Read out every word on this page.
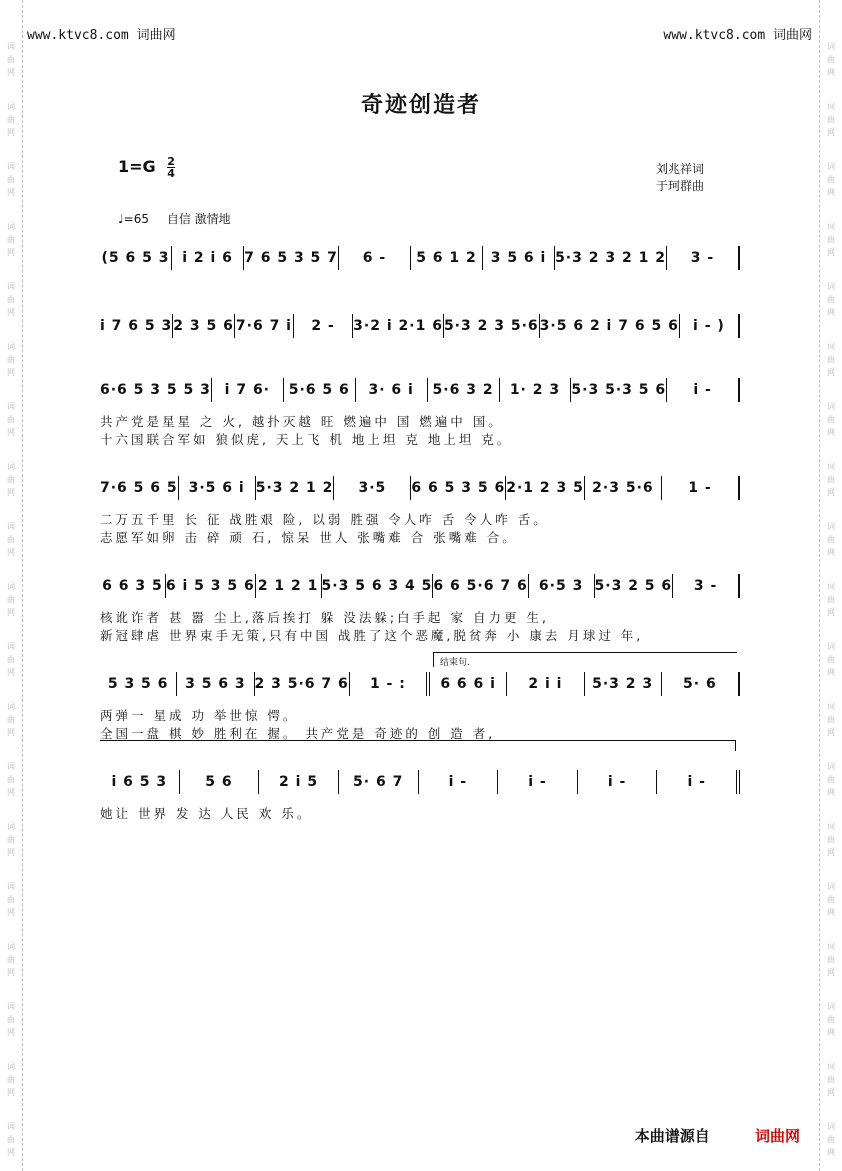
词
曲
网
词
曲
网
词
曲
网
词
曲
网
词
曲
网
词
曲
网
词
曲
网
词
曲
网
词
曲
网
词
曲
网
词
曲
网
词
曲
网
词
曲
网
词
曲
网
词
曲
网
词
曲
网
词
曲
网
词
曲
网
词
曲
网
词
曲
网
词
曲
网
词
曲
网
词
曲
网
词
曲
网
词
曲
网
词
曲
网
词
曲
网
词
曲
网
词
曲
网
词
曲
网
词
曲
网
词
曲
网
词
曲
网
词
曲
网
词
曲
网
词
曲
网
词
曲
网
词
曲
网
www.ktvc8.com 词曲网	www.ktvc8.com 词曲网
奇迹创造者
$1=G \frac{2}{4}$	刘兆祥词
于珂群曲
♩=65 自信 激情地
结束句.
(5 6 5 3 i 2 i 6 7 6 5 3 5 7	6 -	5 6 1 2 3 5 6 i 5·3 2 3 2 1 2	3 -
i 7 6 5 3 2 3 5 6 7·6 7 i	2 -	3·2 i 2·1 6 5·3 2 3 5·6 3·5 6 2 i 7 6 5 6	i - )
6·6 5 3 5 5 3 i 7 6·	5·6 5 6	3· 6 i	5·6 3 2	1· 2 3 5·3 5·3 5 6	i -
共产党是星星 之 火, 越扑灭越 旺 燃遍中 国 燃遍中 国。
十六国联合军如 狼似虎, 天上飞 机 地上坦 克 地上坦 克。
7·6 5 6 5 3·5 6 i 5·3 2 1 2	3·5	6 6 5 3 5 6 2·1 2 3 5 2·3 5·6	1 -
二万五千里 长 征 战胜艰 险, 以弱 胜强 令人咋 舌 令人咋 舌。
志愿军如卵 击 碎 顽 石, 惊呆 世人 张嘴难 合 张嘴难 合。
6 6 3 5 6 i 5 3 5 6 2 1 2 1 5·3 5 6 3 4 5 6 6 5·6 7 6 6·5 3 5·3 2 5 6	3 -
核讹诈者 甚 嚣 尘上,落后挨打 躲 没法躲;白手起 家 自力更 生,
新冠肆虐 世界束手无策,只有中国 战胜了这个恶魔,脱贫奔 小 康去 月球过 年,
5 3 5 6	3 5 6 3 2 3 5·6 7 6	1 - :	6 6 6 i	2 i i	5·3 2 3	5· 6
两弹一 星成 功 举世惊 愕。
全国一盘 棋 妙 胜利在 握。 共产党是 奇迹的 创 造 者,
i 6 5 3	5 6	2 i 5	5· 6 7	i -	i -	i -	i -
她让 世界 发 达 人民 欢 乐。
本曲谱源自	词曲网
